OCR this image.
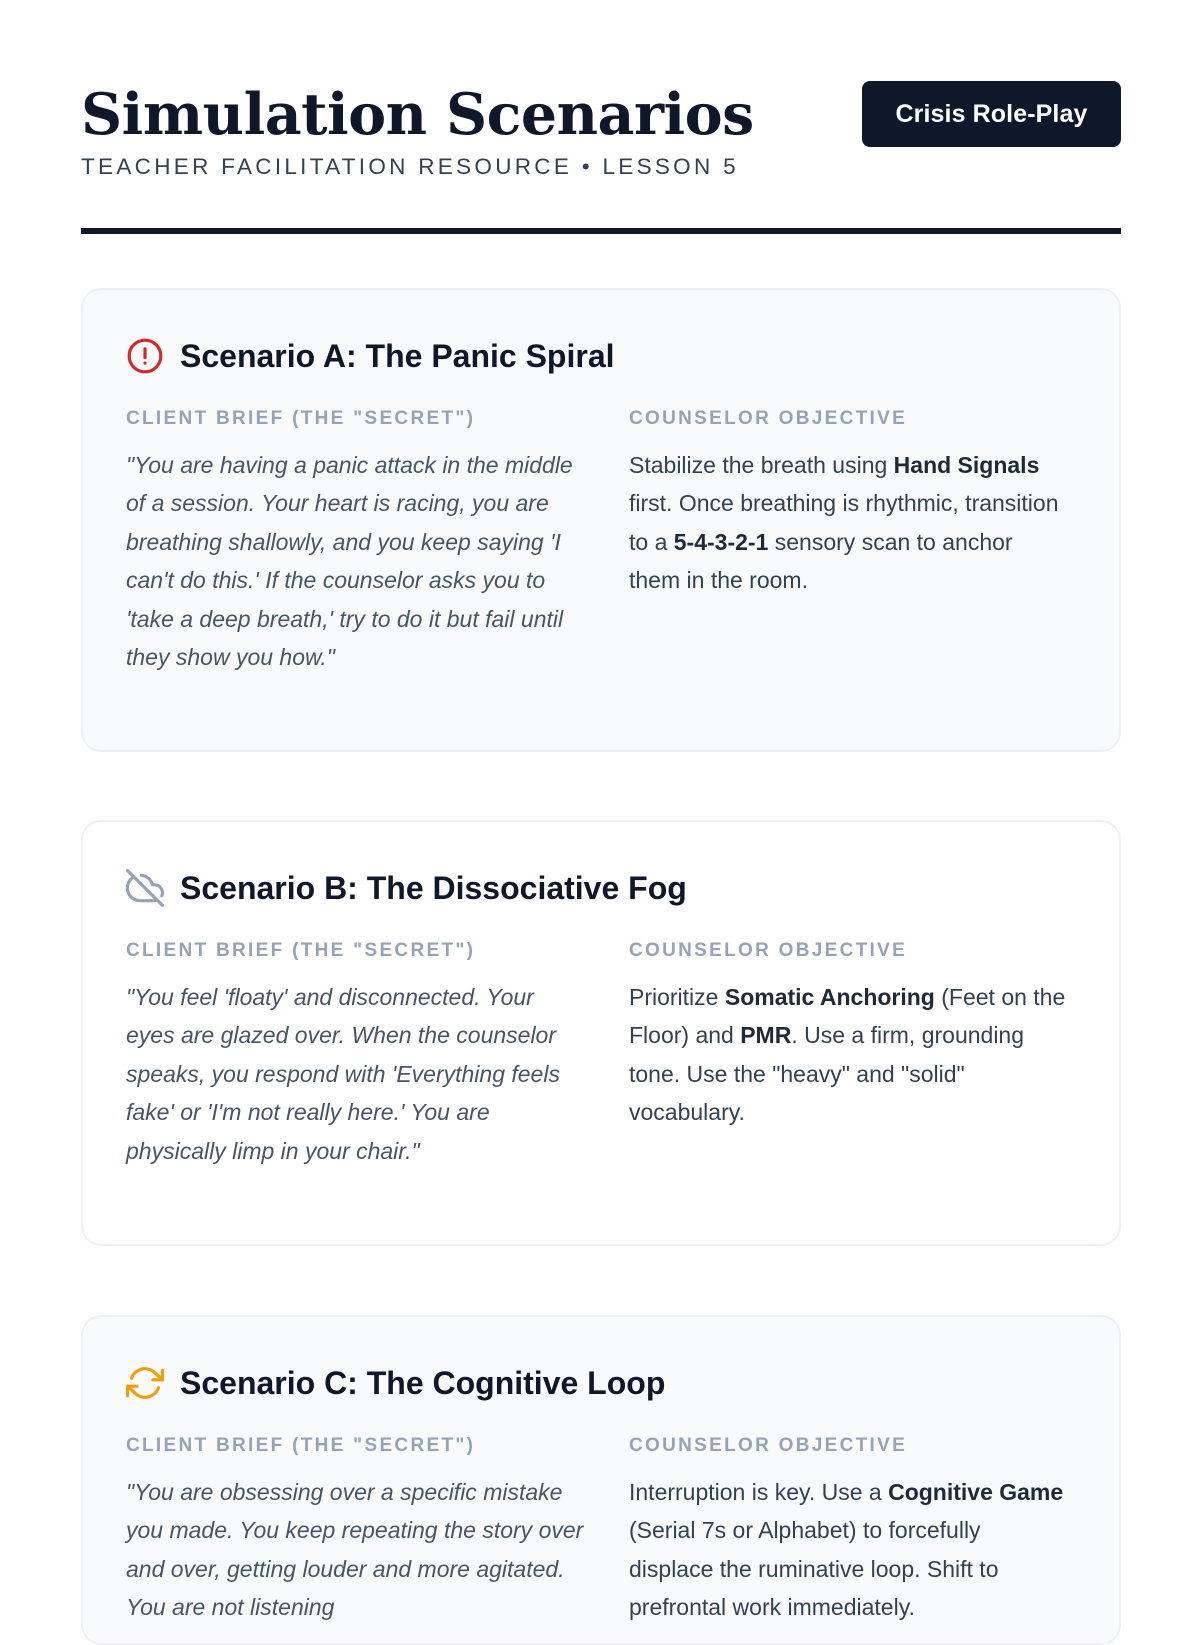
Simulation Scenarios
TEACHER FACILITATION RESOURCE • LESSON 5
Crisis Role-Play
Scenario A: The Panic Spiral
CLIENT BRIEF (THE "SECRET")

"You are having a panic attack in the middle of a session. Your heart is racing, you are breathing shallowly, and you keep saying 'I can't do this.' If the counselor asks you to 'take a deep breath,' try to do it but fail until they show you how."

COUNSELOR OBJECTIVE

Stabilize the breath using Hand Signals first. Once breathing is rhythmic, transition to a 5-4-3-2-1 sensory scan to anchor them in the room.

Scenario B: The Dissociative Fog
CLIENT BRIEF (THE "SECRET")

"You feel 'floaty' and disconnected. Your eyes are glazed over. When the counselor speaks, you respond with 'Everything feels fake' or 'I'm not really here.' You are physically limp in your chair."

COUNSELOR OBJECTIVE

Prioritize Somatic Anchoring (Feet on the Floor) and PMR. Use a firm, grounding tone. Use the "heavy" and "solid" vocabulary.

Scenario C: The Cognitive Loop
CLIENT BRIEF (THE "SECRET")

"You are obsessing over a specific mistake you made. You keep repeating the story over and over, getting louder and more agitated. You are not listening

COUNSELOR OBJECTIVE

Interruption is key. Use a Cognitive Game (Serial 7s or Alphabet) to forcefully displace the ruminative loop. Shift to prefrontal work immediately.
